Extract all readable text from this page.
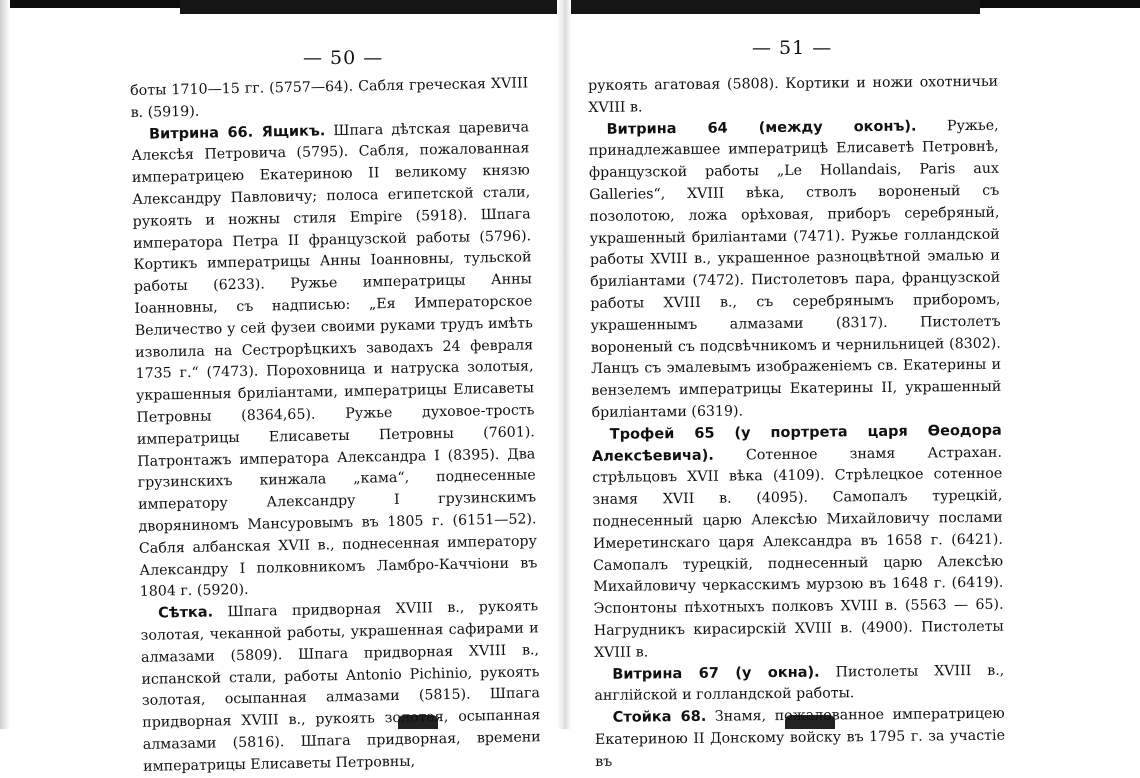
— 50 —	— 51 —

боты 1710—15 гг. (5757—64). Сабля греческая XVIII в. (5919).

Витрина 66. Ящикъ. Шпага дѣтская царевича Алексѣя Петровича (5795). Сабля, пожалованная императрицею Екатериною II великому князю Александру Павловичу; полоса египетской стали, рукоять и ножны стиля Empire (5918). Шпага императора Петра II французской работы (5796). Кортикъ императрицы Анны Іоанновны, тульской работы (6233). Ружье императрицы Анны Іоанновны, съ надписью: „Ея Императорское Величество у сей фузеи своими руками трудъ имѣть изволила на Сестрорѣцкихъ заводахъ 24 февраля 1735 г.“ (7473). Пороховница и натруска золотыя, украшенныя бриліантами, императрицы Елисаветы Петровны (8364,65). Ружье духовое-трость императрицы Елисаветы Петровны (7601). Патронтажъ императора Александра I (8395). Два грузинскихъ кинжала „кама“, поднесенные императору Александру I грузинскимъ дворяниномъ Мансуровымъ въ 1805 г. (6151—52). Сабля албанская XVII в., поднесенная императору Александру I полковникомъ Ламбро-Каччіони въ 1804 г. (5920).

Сѣтка. Шпага придворная XVIII в., рукоять золотая, чеканной работы, украшенная сафирами и алмазами (5809). Шпага придворная XVIII в., испанской стали, работы Antonio Pichinio, рукоять золотая, осыпанная алмазами (5815). Шпага придворная XVIII в., рукоять золотая, осыпанная алмазами (5816). Шпага придворная, времени императрицы Елисаветы Петровны,

рукоять агатовая (5808). Кортики и ножи охотничьи XVIII в.

Витрина 64 (между оконъ). Ружье, принадлежавшее императрицѣ Елисаветѣ Петровнѣ, французской работы „Le Hollandais, Paris aux Galleries“, XVIII вѣка, стволъ вороненый съ позолотою, ложа орѣховая, приборъ серебряный, украшенный бриліантами (7471). Ружье голландской работы XVIII в., украшенное разноцвѣтной эмалью и бриліантами (7472). Пистолетовъ пара, французской работы XVIII в., съ серебрянымъ приборомъ, украшеннымъ алмазами (8317). Пистолетъ вороненый съ подсвѣчникомъ и чернильницей (8302). Ланцъ съ эмалевымъ изображеніемъ св. Екатерины и вензелемъ императрицы Екатерины II, украшенный бриліантами (6319).

Трофей 65 (у портрета царя Ѳеодора Алексѣевича). Сотенное знамя Астрахан. стрѣльцовъ XVII вѣка (4109). Стрѣлецкое сотенное знамя XVII в. (4095). Самопалъ турецкій, поднесенный царю Алексѣю Михайловичу послами Имеретинскаго царя Александра въ 1658 г. (6421). Самопалъ турецкій, поднесенный царю Алексѣю Михайловичу черкасскимъ мурзою въ 1648 г. (6419). Эспонтоны пѣхотныхъ полковъ XVIII в. (5563 — 65). Нагрудникъ кирасирскій XVIII в. (4900). Пистолеты XVIII в.

Витрина 67 (у окна). Пистолеты XVIII в., англійской и голландской работы.

Стойка 68. Знамя, пожалованное императрицею Екатериною II Донскому войску въ 1795 г. за участіе въ
